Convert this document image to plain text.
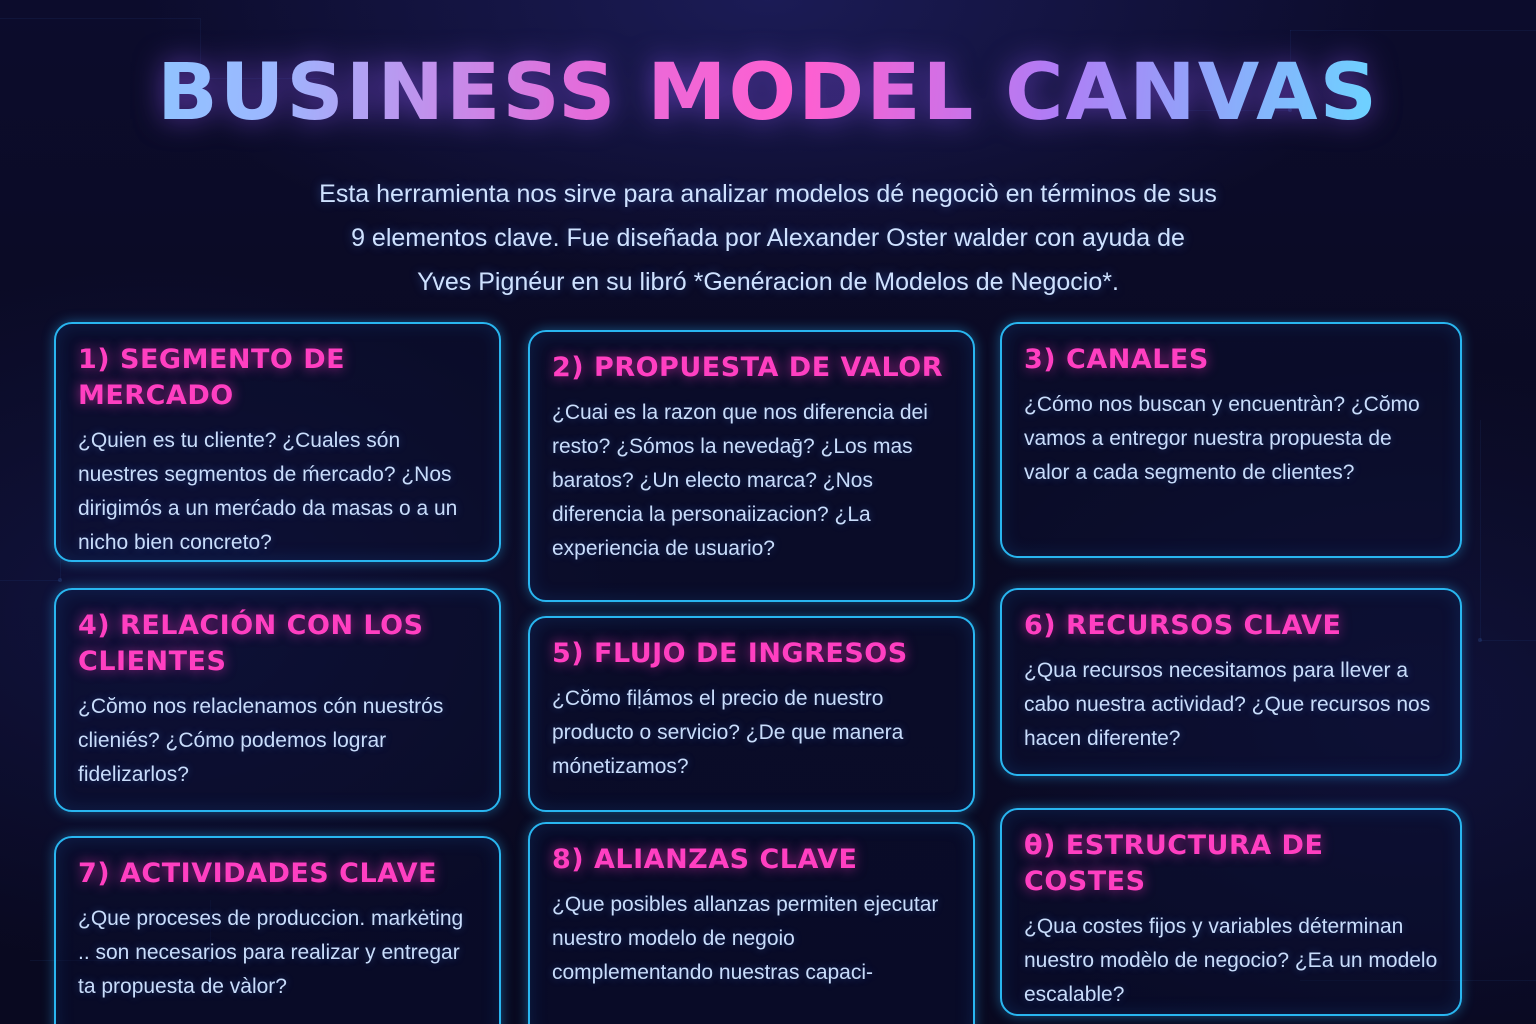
BUSINESS MODEL CANVAS
Esta herramienta nos sirve para analizar modelos dé negociò en términos de sus
9 elementos clave. Fue diseñada por Alexander Oster walder con ayuda de
Yves Pignéur en su libró *Genéracion de Modelos de Negocio*.
1) SEGMENTO DE MERCADO

¿Quien es tu cliente? ¿Cuales són nuestres segmentos de ḿercado? ¿Nos dirigimós a un merćado da masas o a un nicho bien concreto?

2) PROPUESTA DE VALOR

¿Cuai es la razon que nos diferencia dei resto? ¿Sómos la nevedaḡ? ¿Los mas baratos? ¿Un electo marca? ¿Nos diferencia la personaiizacion? ¿La experiencia de usuario?

3) CANALES

¿Cómo nos buscan y encuentràn? ¿Cŏmo vamos a entregor nuestra propuesta de valor a cada segmento de clientes?

4) RELACIÓN CON LOS CLIENTES

¿Cŏmo nos relaclenamos cón nuestrós clieniés? ¿Cómo podemos lograr fidelizarlos?

5) FLUJO DE INGRESOS

¿Cŏmo fiḷámos el precio de nuestro producto o servicio? ¿De que manera mónetizamos?

6) RECURSOS CLAVE

¿Qua recursos necesitamos para llever a cabo nuestra actividad? ¿Que recursos nos hacen diferente?

7) ACTIVIDADES CLAVE

¿Que proceses de produccion. markėting .. son necesarios para realizar y entregar ta propuesta de vàlor?

8) ALIANZAS CLAVE

¿Que posibles allanzas permiten ejecutar nuestro modelo de negoio complementando nuestras capaci-

θ) ESTRUCTURA DE COSTES

¿Qua costes fijos y variables déterminan nuestro modèlo de negocio? ¿Ea un modelo escalable?
